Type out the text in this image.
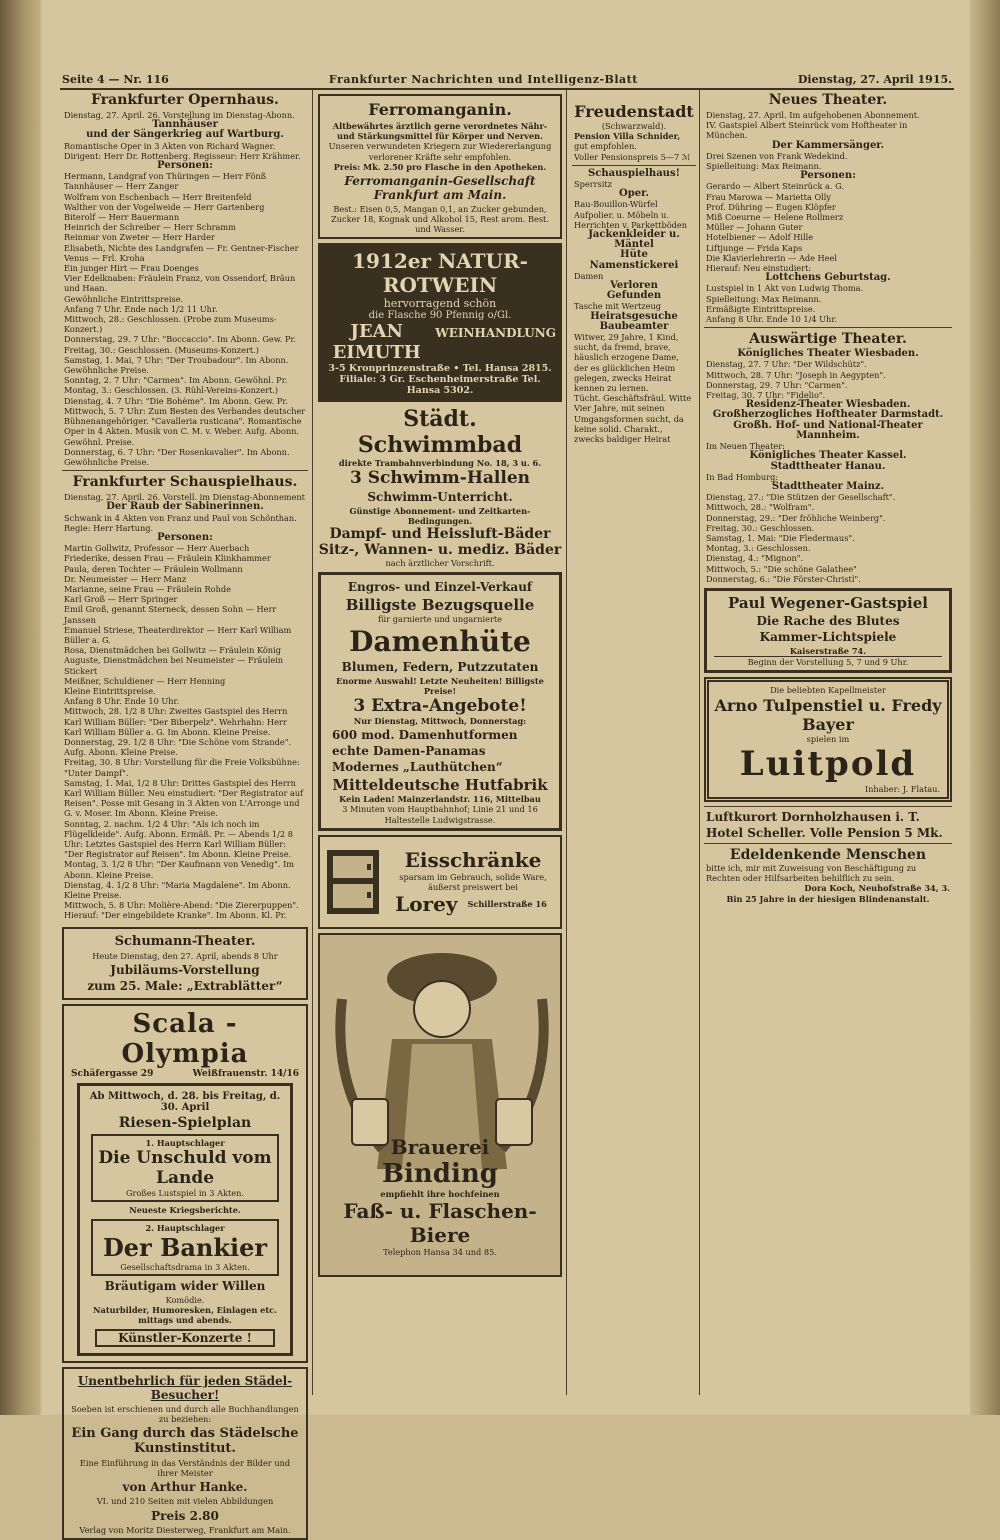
Seite 4 — Nr. 116	Frankfurter Nachrichten und Intelligenz-Blatt	Dienstag, 27. April 1915.
Frankfurter Opernhaus.
Dienstag, 27. April. 26. Vorstellung im Dienstag-Abonn.
Tannhäuser
und der Sängerkrieg auf Wartburg.
Romantische Oper in 3 Akten von Richard Wagner.
Dirigent: Herr Dr. Rottenberg. Regisseur: Herr Krähmer.
Personen:
Hermann, Landgraf von Thüringen — Herr Fönß
Tannhäuser — Herr Zanger
Wolfram von Eschenbach — Herr Breitenfeld
Walther von der Vogelweide — Herr Gartenberg
Biterolf — Herr Bauermann
Heinrich der Schreiber — Herr Schramm
Reinmar von Zweter — Herr Harder
Elisabeth, Nichte des Landgrafen — Fr. Gentner-Fischer
Venus — Frl. Kroha
Ein junger Hirt — Frau Doenges
Vier Edelknaben: Fräulein Franz, von Ossendorf, Bräun und Haan.
Gewöhnliche Eintrittspreise.
Anfang 7 Uhr. Ende nach 1/2 11 Uhr.
Mittwoch, 28.: Geschlossen. (Probe zum Museums-Konzert.)
Donnerstag, 29. 7 Uhr: "Boccaccio". Im Abonn. Gew. Pr.
Freitag, 30.: Geschlossen. (Museums-Konzert.)
Samstag, 1. Mai, 7 Uhr: "Der Troubadour". Im Abonn. Gewöhnliche Preise.
Sonntag, 2. 7 Uhr: "Carmen". Im Abonn. Gewöhnl. Pr.
Montag, 3.: Geschlossen. (3. Rühl-Vereins-Konzert.)
Dienstag, 4. 7 Uhr: "Die Bohème". Im Abonn. Gew. Pr.
Mittwoch, 5. 7 Uhr: Zum Besten des Verbandes deutscher Bühnenangehöriger. "Cavalleria rusticana". Romantische Oper in 4 Akten. Musik von C. M. v. Weber. Aufg. Abonn. Gewöhnl. Preise.
Donnerstag, 6. 7 Uhr: "Der Rosenkavalier". Im Abonn. Gewöhnliche Preise.
Frankfurter Schauspielhaus.
Dienstag, 27. April. 26. Vorstell. im Dienstag-Abonnement
Der Raub der Sabinerinnen.
Schwank in 4 Akten von Franz und Paul von Schönthan.
Regie: Herr Hartung.
Personen:
Martin Gollwitz, Professor — Herr Auerbach
Friederike, dessen Frau — Fräulein Klinkhammer
Paula, deren Tochter — Fräulein Wollmann
Dr. Neumeister — Herr Manz
Marianne, seine Frau — Fräulein Rohde
Karl Groß — Herr Springer
Emil Groß, genannt Sterneck, dessen Sohn — Herr Janssen
Emanuel Striese, Theaterdirektor — Herr Karl William Büller a. G.
Rosa, Dienstmädchen bei Gollwitz — Fräulein König
Auguste, Dienstmädchen bei Neumeister — Fräulein Stickert
Meißner, Schuldiener — Herr Henning
Kleine Eintrittspreise.
Anfang 8 Uhr. Ende 10 Uhr.
Mittwoch, 28. 1/2 8 Uhr: Zweites Gastspiel des Herrn Karl William Büller: "Der Biberpelz". Wehrhahn: Herr Karl William Büller a. G. Im Abonn. Kleine Preise.
Donnerstag, 29. 1/2 8 Uhr: "Die Schöne vom Strande". Aufg. Abonn. Kleine Preise.
Freitag, 30. 8 Uhr: Vorstellung für die Freie Volksbühne: "Unter Dampf".
Samstag, 1. Mai, 1/2 8 Uhr: Drittes Gastspiel des Herrn Karl William Büller. Neu einstudiert: "Der Registrator auf Reisen". Posse mit Gesang in 3 Akten von L'Arronge und G. v. Moser. Im Abonn. Kleine Preise.
Sonntag, 2. nachm. 1/2 4 Uhr: "Als ich noch im Flügelkleide". Aufg. Abonn. Ermäß. Pr. — Abends 1/2 8 Uhr: Letztes Gastspiel des Herrn Karl William Büller: "Der Registrator auf Reisen". Im Abonn. Kleine Preise.
Montag, 3. 1/2 8 Uhr: "Der Kaufmann von Venedig". Im Abonn. Kleine Preise.
Dienstag, 4. 1/2 8 Uhr: "Maria Magdalene". Im Abonn. Kleine Preise.
Mittwoch, 5. 8 Uhr: Molière-Abend: "Die Ziererpuppen". Hierauf: "Der eingebildete Kranke". Im Abonn. Kl. Pr.
Schumann-Theater.
Heute Dienstag, den 27. April, abends 8 Uhr
Jubiläums-Vorstellung
zum 25. Male: „Extrablätter“
Scala - Olympia
Schäfergasse 29	Weißfrauenstr. 14/16
Ab Mittwoch, d. 28. bis Freitag, d. 30. April
Riesen-Spielplan
1. Hauptschlager
Die Unschuld vom Lande
Großes Lustspiel in 3 Akten.
Neueste Kriegsberichte.
2. Hauptschlager
Der Bankier
Gesellschaftsdrama in 3 Akten.
Bräutigam wider Willen
Komödie.
Naturbilder, Humoresken, Einlagen etc.
mittags und abends.
Künstler-Konzerte !
Unentbehrlich für jeden Städel-Besucher!
Soeben ist erschienen und durch alle Buchhandlungen zu beziehen:
Ein Gang durch das Städelsche Kunstinstitut.
Eine Einführung in das Verständnis der Bilder und ihrer Meister
von Arthur Hanke.
VI. und 210 Seiten mit vielen Abbildungen
Preis 2.80
Verlag von Moritz Diesterweg, Frankfurt am Main.
Ferromanganin.
Altbewährtes ärztlich gerne verordnetes Nähr- und Stärkungsmittel für Körper und Nerven.
Unseren verwundeten Kriegern zur Wiedererlangung verlorener Kräfte sehr empfohlen.
Preis: Mk. 2.50 pro Flasche in den Apotheken.
Ferromanganin-Gesellschaft Frankfurt am Main.
Best.: Eisen 0,5, Mangan 0,1, an Zucker gebunden, Zucker 18, Kognak und Alkohol 15, Rest arom. Best. und Wasser.
1912er NATUR-ROTWEIN
hervorragend schön
die Flasche 90 Pfennig o/Gl.
JEAN EIMUTH
WEINHANDLUNG
3-5 Kronprinzenstraße • Tel. Hansa 2815.
Filiale: 3 Gr. Eschenheimerstraße Tel. Hansa 5302.
Städt. Schwimmbad
direkte Trambahnverbindung No. 18, 3 u. 6.
3 Schwimm-Hallen
Schwimm-Unterricht.
Günstige Abonnement- und Zeitkarten-Bedingungen.
Dampf- und Heissluft-Bäder
Sitz-, Wannen- u. mediz. Bäder
nach ärztlicher Vorschrift.
Engros- und Einzel-Verkauf
Billigste Bezugsquelle
für garnierte und ungarnierte
Damenhüte
Blumen, Federn, Putzzutaten
Enorme Auswahl! Letzte Neuheiten! Billigste Preise!
3 Extra-Angebote!
Nur Dienstag, Mittwoch, Donnerstag:
600 mod. Damenhutformen
echte Damen-Panamas
Modernes „Lauthütchen“
Mitteldeutsche Hutfabrik
Kein Laden! Mainzerlandstr. 116, Mittelbau
3 Minuten vom Hauptbahnhof; Linie 21 und 16 Haltestelle Ludwigstrasse.
Eisschränke
sparsam im Gebrauch, solide Ware, äußerst preiswert bei
Lorey Schillerstraße 16
Brauerei
Binding
empfiehlt ihre hochfeinen
Faß- u. Flaschen-Biere
Telephon Hansa 34 und 85.
Freudenstadt
(Schwarzwald).
Pension Villa Schnider,
gut empfohlen.
Voller Pensionspreis 5—7 ℳ
Schauspielhaus!
Sperrsitz
Oper.
Rau-Bouillon-Würfel
Aufpolier. u. Möbeln u. Herrichten v. Parkettböden
Jackenkleider u. Mäntel
Hüte
Namenstickerei
Damen
Verloren
Gefunden
Tasche mit Wertzeug
Heiratsgesuche
Baubeamter
Witwer, 29 Jahre, 1 Kind, sucht, da fremd, brave, häuslich erzogene Dame, der es glücklichen Heim gelegen, zwecks Heirat kennen zu lernen.
Tücht. Geschäftsfräul. Witte Vier Jahre, mit seinen Umgangsformen sucht, da keine solid. Charakt., zwecks baldiger Heirat
Neues Theater.
Dienstag, 27. April. Im aufgehobenen Abonnement.
IV. Gastspiel Albert Steinrück vom Hoftheater in München.
Der Kammersänger.
Drei Szenen von Frank Wedekind.
Spielleitung: Max Reimann.
Personen:
Gerardo — Albert Steinrück a. G.
Frau Marowa — Marietta Olly
Prof. Dühring — Eugen Klöpfer
Miß Coeurne — Helene Rollmerz
Müller — Johann Guter
Hotelbiener — Adolf Hille
Liftjunge — Frida Kaps
Die Klavierlehrerin — Ade Heel
Hierauf: Neu einstudiert:
Lottchens Geburtstag.
Lustspiel in 1 Akt von Ludwig Thoma.
Spielleitung: Max Reimann.
Ermäßigte Eintrittspreise.
Anfang 8 Uhr. Ende 10 1/4 Uhr.
Auswärtige Theater.
Königliches Theater Wiesbaden.
Dienstag, 27. 7 Uhr: "Der Wildschütz".
Mittwoch, 28. 7 Uhr: "Joseph in Aegypten".
Donnerstag, 29. 7 Uhr: "Carmen".
Freitag, 30. 7 Uhr: "Fidelio".
Residenz-Theater Wiesbaden.
Großherzogliches Hoftheater Darmstadt.
Großh. Hof- und National-Theater Mannheim.
Im Neuen Theater:
Königliches Theater Kassel.
Stadttheater Hanau.
In Bad Homburg:
Stadttheater Mainz.
Dienstag, 27.: "Die Stützen der Gesellschaft".
Mittwoch, 28.: "Wolfram".
Donnerstag, 29.: "Der fröhliche Weinberg".
Freitag, 30.: Geschlossen.
Samstag, 1. Mai: "Die Fledermaus".
Montag, 3.: Geschlossen.
Dienstag, 4.: "Mignon".
Mittwoch, 5.: "Die schöne Galathee"
Donnerstag, 6.: "Die Förster-Christl".
Paul Wegener-Gastspiel
Die Rache des Blutes
Kammer-Lichtspiele
Kaiserstraße 74.
Beginn der Vorstellung 5, 7 und 9 Uhr.
Die beliebten Kapellmeister
Arno Tulpenstiel u. Fredy Bayer
spielen im
Luitpold
Inhaber: J. Flatau.
Luftkurort Dornholzhausen i. T.
Hotel Scheller. Volle Pension 5 Mk.
Edeldenkende Menschen
bitte ich, mir mit Zuweisung von Beschäftigung zu Rechten oder Hilfsarbeiten behilflich zu sein.
Dora Koch, Neuhofstraße 34, 3.
Bin 25 Jahre in der hiesigen Blindenanstalt.
